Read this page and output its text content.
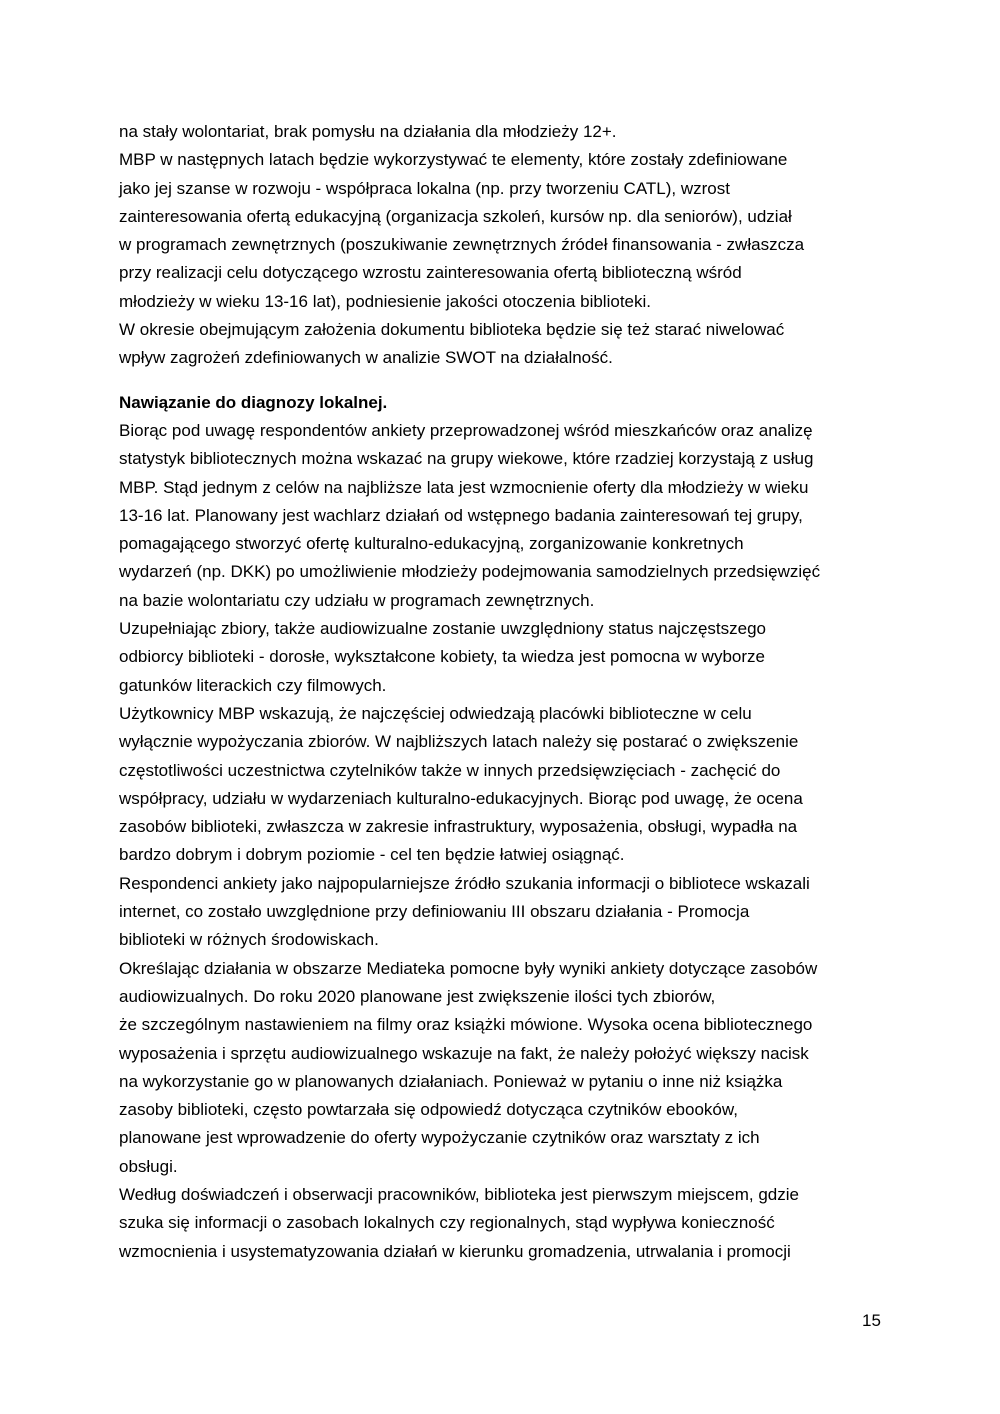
na stały wolontariat, brak pomysłu na działania dla młodzieży 12+.
MBP w następnych latach będzie wykorzystywać te elementy, które zostały zdefiniowane
jako jej szanse w rozwoju - współpraca lokalna (np. przy tworzeniu CATL), wzrost
zainteresowania ofertą edukacyjną (organizacja szkoleń, kursów np. dla seniorów), udział
w programach zewnętrznych (poszukiwanie zewnętrznych źródeł finansowania - zwłaszcza
przy realizacji celu dotyczącego wzrostu zainteresowania ofertą biblioteczną wśród
młodzieży w wieku 13-16 lat), podniesienie jakości otoczenia biblioteki.
W okresie obejmującym założenia dokumentu biblioteka będzie się też starać niwelować
wpływ zagrożeń zdefiniowanych w analizie SWOT na działalność.
Nawiązanie do diagnozy lokalnej.
Biorąc pod uwagę respondentów ankiety przeprowadzonej wśród mieszkańców oraz analizę
statystyk bibliotecznych można wskazać na grupy wiekowe, które rzadziej korzystają z usług
MBP. Stąd jednym z celów na najbliższe lata jest wzmocnienie oferty dla młodzieży w wieku
13-16 lat. Planowany jest wachlarz działań od wstępnego badania zainteresowań tej grupy,
pomagającego stworzyć ofertę kulturalno-edukacyjną, zorganizowanie konkretnych
wydarzeń (np. DKK) po umożliwienie młodzieży podejmowania samodzielnych przedsięwzięć
na bazie wolontariatu czy udziału w programach zewnętrznych.
Uzupełniając zbiory, także audiowizualne zostanie uwzględniony status najczęstszego
odbiorcy biblioteki - dorosłe, wykształcone kobiety, ta wiedza jest pomocna w wyborze
gatunków literackich czy filmowych.
Użytkownicy MBP wskazują, że najczęściej odwiedzają placówki biblioteczne w celu
wyłącznie wypożyczania zbiorów. W najbliższych latach należy się postarać o zwiększenie
częstotliwości uczestnictwa czytelników także w innych przedsięwzięciach - zachęcić do
współpracy, udziału w wydarzeniach kulturalno-edukacyjnych. Biorąc pod uwagę, że ocena
zasobów biblioteki, zwłaszcza w zakresie infrastruktury, wyposażenia, obsługi, wypadła na
bardzo dobrym i dobrym poziomie - cel ten będzie łatwiej osiągnąć.
Respondenci ankiety jako najpopularniejsze źródło szukania informacji o bibliotece wskazali
internet, co zostało uwzględnione przy definiowaniu III obszaru działania - Promocja
biblioteki w różnych środowiskach.
Określając działania w obszarze Mediateka pomocne były wyniki ankiety dotyczące zasobów
audiowizualnych. Do roku 2020 planowane jest zwiększenie ilości tych zbiorów,
że szczególnym nastawieniem na filmy oraz książki mówione. Wysoka ocena bibliotecznego
wyposażenia i sprzętu audiowizualnego wskazuje na fakt, że należy położyć większy nacisk
na wykorzystanie go w planowanych działaniach. Ponieważ w pytaniu o inne niż książka
zasoby biblioteki, często powtarzała się odpowiedź dotycząca czytników ebooków,
planowane jest wprowadzenie do oferty wypożyczanie czytników oraz warsztaty z ich
obsługi.
Według doświadczeń i obserwacji pracowników, biblioteka jest pierwszym miejscem, gdzie
szuka się informacji o zasobach lokalnych czy regionalnych, stąd wypływa konieczność
wzmocnienia i usystematyzowania działań w kierunku gromadzenia, utrwalania i promocji
15
